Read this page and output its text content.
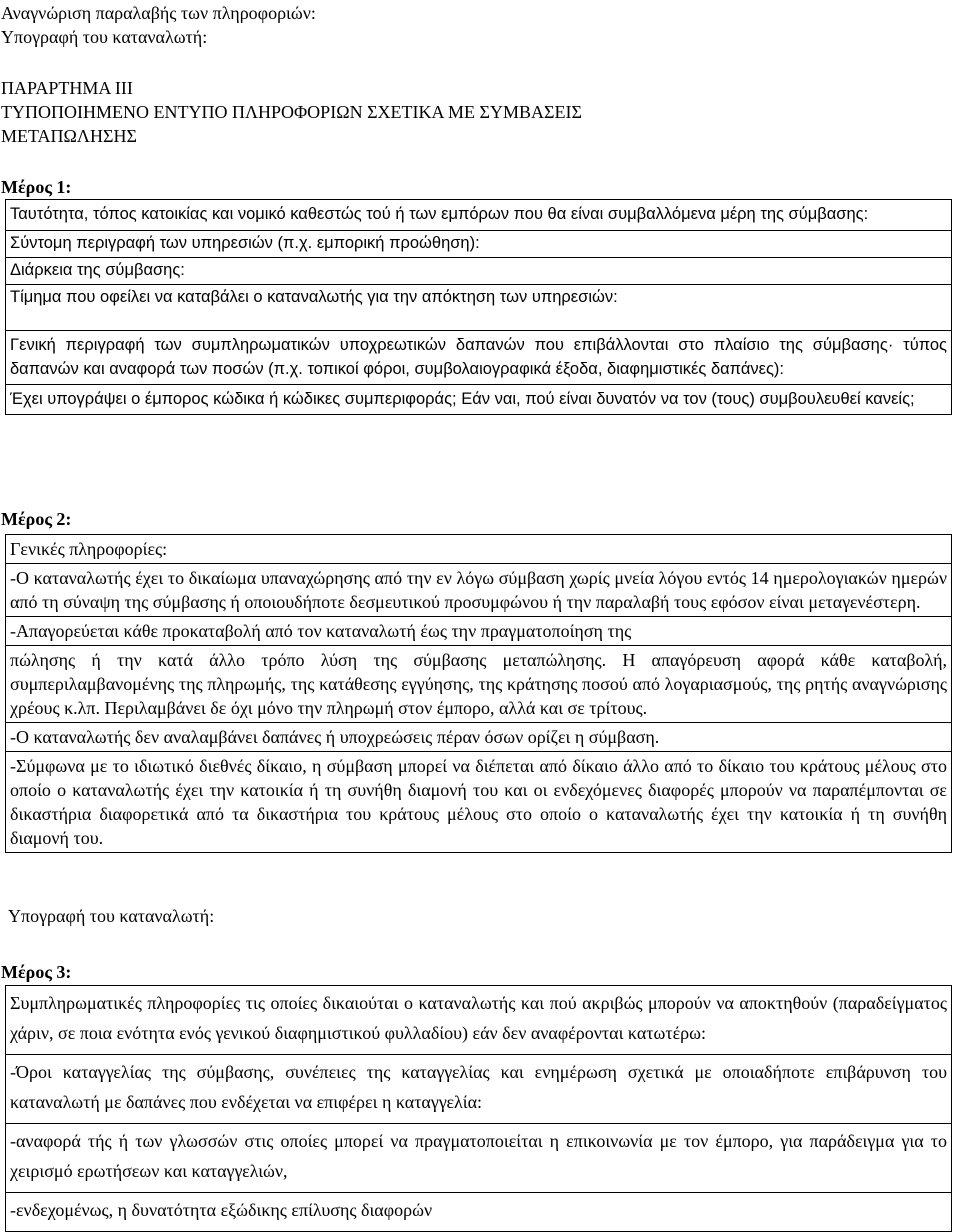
Αναγνώριση παραλαβής των πληροφοριών:
Υπογραφή του καταναλωτή:
ΠΑΡΑΡΤΗΜΑ ΙΙΙ
ΤΥΠΟΠΟΙΗΜΕΝΟ ΕΝΤΥΠΟ ΠΛΗΡΟΦΟΡΙΩΝ ΣΧΕΤΙΚΑ ΜΕ ΣΥΜΒΑΣΕΙΣ
ΜΕΤΑΠΩΛΗΣΗΣ
Μέρος 1:
Ταυτότητα, τόπος κατοικίας και νομικό καθεστώς τού ή των εμπόρων που θα είναι συμβαλλόμενα μέρη της σύμβασης:
Σύντομη περιγραφή των υπηρεσιών (π.χ. εμπορική προώθηση):
Διάρκεια της σύμβασης:
Τίμημα που οφείλει να καταβάλει ο καταναλωτής για την απόκτηση των υπηρεσιών:
Γενική περιγραφή των συμπληρωματικών υποχρεωτικών δαπανών που επιβάλλονται στο πλαίσιο της σύμβασης· τύπος δαπανών και αναφορά των ποσών (π.χ. τοπικοί φόροι, συμβολαιογραφικά έξοδα, διαφημιστικές δαπάνες):
Έχει υπογράψει ο έμπορος κώδικα ή κώδικες συμπεριφοράς; Εάν ναι, πού είναι δυνατόν να τον (τους) συμβουλευθεί κανείς;
Μέρος 2:
Γενικές πληροφορίες:
-Ο καταναλωτής έχει το δικαίωμα υπαναχώρησης από την εν λόγω σύμβαση χωρίς μνεία λόγου εντός 14 ημερολογιακών ημερών από τη σύναψη της σύμβασης ή οποιουδήποτε δεσμευτικού προσυμφώνου ή την παραλαβή τους εφόσον είναι μεταγενέστερη.
-Απαγορεύεται κάθε προκαταβολή από τον καταναλωτή έως την πραγματοποίηση της
πώλησης ή την κατά άλλο τρόπο λύση της σύμβασης μεταπώλησης. Η απαγόρευση αφορά κάθε καταβολή, συμπεριλαμβανομένης της πληρωμής, της κατάθεσης εγγύησης, της κράτησης ποσού από λογαριασμούς, της ρητής αναγνώρισης χρέους κ.λπ. Περιλαμβάνει δε όχι μόνο την πληρωμή στον έμπορο, αλλά και σε τρίτους.
-Ο καταναλωτής δεν αναλαμβάνει δαπάνες ή υποχρεώσεις πέραν όσων ορίζει η σύμβαση.
-Σύμφωνα με το ιδιωτικό διεθνές δίκαιο, η σύμβαση μπορεί να διέπεται από δίκαιο άλλο από το δίκαιο του κράτους μέλους στο οποίο ο καταναλωτής έχει την κατοικία ή τη συνήθη διαμονή του και οι ενδεχόμενες διαφορές μπορούν να παραπέμπονται σε δικαστήρια διαφορετικά από τα δικαστήρια του κράτους μέλους στο οποίο ο καταναλωτής έχει την κατοικία ή τη συνήθη διαμονή του.
Υπογραφή του καταναλωτή:
Μέρος 3:
Συμπληρωματικές πληροφορίες τις οποίες δικαιούται ο καταναλωτής και πού ακριβώς μπορούν να αποκτηθούν (παραδείγματος χάριν, σε ποια ενότητα ενός γενικού διαφημιστικού φυλλαδίου) εάν δεν αναφέρονται κατωτέρω:
-Όροι καταγγελίας της σύμβασης, συνέπειες της καταγγελίας και ενημέρωση σχετικά με οποιαδήποτε επιβάρυνση του καταναλωτή με δαπάνες που ενδέχεται να επιφέρει η καταγγελία:
-αναφορά τής ή των γλωσσών στις οποίες μπορεί να πραγματοποιείται η επικοινωνία με τον έμπορο, για παράδειγμα για το χειρισμό ερωτήσεων και καταγγελιών,
-ενδεχομένως, η δυνατότητα εξώδικης επίλυσης διαφορών
